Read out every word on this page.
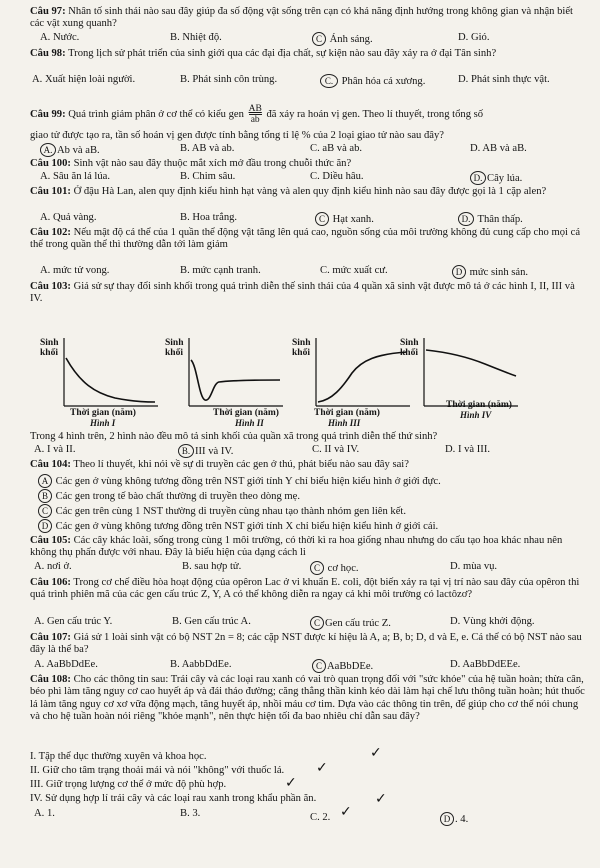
Câu 97: Nhân tố sinh thái nào sau đây giúp đa số động vật sống trên cạn có khả năng định hướng trong không gian và nhận biết các vật xung quanh?
A. Nước.	B. Nhiệt độ.	C Ánh sáng.	D. Gió.
Câu 98: Trong lịch sử phát triển của sinh giới qua các đại địa chất, sự kiện nào sau đây xảy ra ở đại Tân sinh?
A. Xuất hiện loài người.	B. Phát sinh côn trùng.	C. Phân hóa cá xương.	D. Phát sinh thực vật.
Câu 99: Quá trình giảm phân ở cơ thể có kiểu gen $\frac{AB}{ab}$ đã xảy ra hoán vị gen. Theo lí thuyết, trong tổng số
giao tử được tạo ra, tần số hoán vị gen được tính bằng tổng tỉ lệ % của 2 loại giao tử nào sau đây?
A. Ab và aB.	B. AB và ab.	C. aB và ab.	D. AB và aB.
Câu 100: Sinh vật nào sau đây thuộc mắt xích mở đầu trong chuỗi thức ăn?
A. Sâu ăn lá lúa.	B. Chim sâu.	C. Diều hâu.	D. Cây lúa.
Câu 101: Ở đậu Hà Lan, alen quy định kiểu hình hạt vàng và alen quy định kiểu hình nào sau đây được gọi là 1 cặp alen?
A. Quả vàng.	B. Hoa trắng.	C Hạt xanh.	D. Thân thấp.
Câu 102: Nếu mật độ cá thể của 1 quần thể động vật tăng lên quá cao, nguồn sống của môi trường không đủ cung cấp cho mọi cá thể trong quần thể thì thường dẫn tới làm giảm
A. mức tử vong.	B. mức cạnh tranh.	C. mức xuất cư.	D mức sinh sản.
Câu 103: Giả sử sự thay đổi sinh khối trong quá trình diễn thế sinh thái của 4 quần xã sinh vật được mô tả ở các hình I, II, III và IV.
Sinh
khối
Thời gian (năm)
Hình I
Sinh
khối
Thời gian (năm)
Hình II
Sinh
khối
Thời gian (năm)
Hình III
Sinh
khối
Thời gian (năm)
Hình IV
Trong 4 hình trên, 2 hình nào đều mô tả sinh khối của quần xã trong quá trình diễn thế thứ sinh?
A. I và II.	B. III và IV.	C. II và IV.	D. I và III.
Câu 104: Theo lí thuyết, khi nói về sự di truyền các gen ở thú, phát biểu nào sau đây sai?
A Các gen ở vùng không tương đồng trên NST giới tính Y chỉ biểu hiện kiểu hình ở giới đực.
B Các gen trong tế bào chất thường di truyền theo dòng mẹ.
C Các gen trên cùng 1 NST thường di truyền cùng nhau tạo thành nhóm gen liên kết.
D Các gen ở vùng không tương đồng trên NST giới tính X chỉ biểu hiện kiểu hình ở giới cái.
Câu 105: Các cây khác loài, sống trong cùng 1 môi trường, có thời kì ra hoa giống nhau nhưng do cấu tạo hoa khác nhau nên không thụ phấn được với nhau. Đây là biểu hiện của dạng cách li
A. nơi ở.	B. sau hợp tử.	C cơ học.	D. mùa vụ.
Câu 106: Trong cơ chế điều hòa hoạt động của opêron Lac ở vi khuẩn E. coli, đột biến xảy ra tại vị trí nào sau đây của opêron thì quá trình phiên mã của các gen cấu trúc Z, Y, A có thể không diễn ra ngay cả khi môi trường có lactôzơ?
A. Gen cấu trúc Y.	B. Gen cấu trúc A.	C Gen cấu trúc Z.	D. Vùng khởi động.
Câu 107: Giả sử 1 loài sinh vật có bộ NST 2n = 8; các cặp NST được kí hiệu là A, a; B, b; D, d và E, e. Cá thể có bộ NST nào sau đây là thể ba?
A. AaBbDdEe.	B. AabbDdEe.	C AaBbDEe.	D. AaBbDdEEe.
Câu 108: Cho các thông tin sau: Trái cây và các loại rau xanh có vai trò quan trọng đối với "sức khỏe" của hệ tuần hoàn; thừa cân, béo phì làm tăng nguy cơ cao huyết áp và đái tháo đường; căng thẳng thần kinh kéo dài làm hại chế lưu thông tuần hoàn; hút thuốc lá làm tăng nguy cơ xơ vữa động mạch, tăng huyết áp, nhồi máu cơ tim. Dựa vào các thông tin trên, để giúp cho cơ thể nói chung và cho hệ tuần hoàn nói riêng "khỏe mạnh", nên thực hiện tối đa bao nhiêu chỉ dẫn sau đây?
I. Tập thể dục thường xuyên và khoa học.
II. Giữ cho tâm trạng thoải mái và nói "không" với thuốc lá.
III. Giữ trọng lượng cơ thể ở mức độ phù hợp.
IV. Sử dụng hợp lí trái cây và các loại rau xanh trong khẩu phần ăn.
A. 1.	B. 3.	C. 2.	D . 4.
✓
✓
✓
✓
✓
